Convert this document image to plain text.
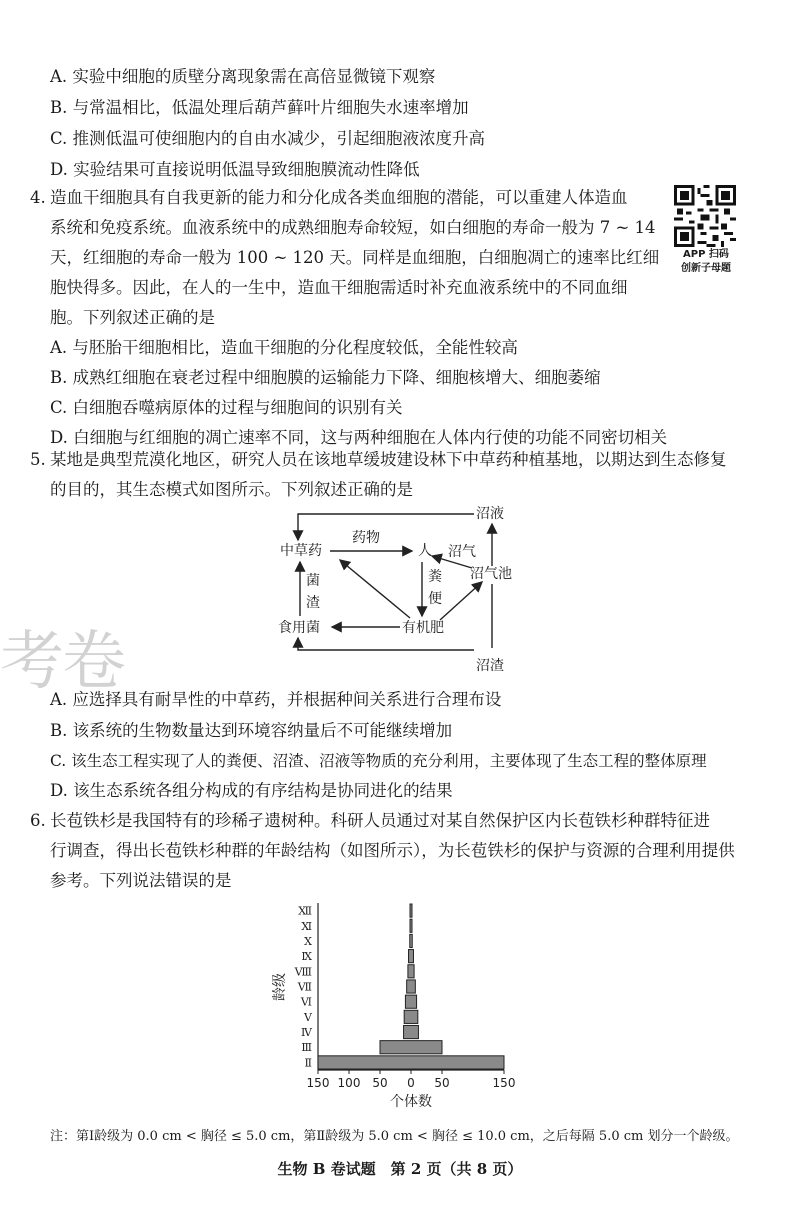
A. 实验中细胞的质壁分离现象需在高倍显微镜下观察
B. 与常温相比，低温处理后葫芦藓叶片细胞失水速率增加
C. 推测低温可使细胞内的自由水减少，引起细胞液浓度升高
D. 实验结果可直接说明低温导致细胞膜流动性降低
4. 造血干细胞具有自我更新的能力和分化成各类血细胞的潜能，可以重建人体造血
系统和免疫系统。血液系统中的成熟细胞寿命较短，如白细胞的寿命一般为 7 ~ 14
天，红细胞的寿命一般为 100 ~ 120 天。同样是血细胞，白细胞凋亡的速率比红细
胞快得多。因此，在人的一生中，造血干细胞需适时补充血液系统中的不同血细
胞。下列叙述正确的是
A. 与胚胎干细胞相比，造血干细胞的分化程度较低，全能性较高
B. 成熟红细胞在衰老过程中细胞膜的运输能力下降、细胞核增大、细胞萎缩
C. 白细胞吞噬病原体的过程与细胞间的识别有关
D. 白细胞与红细胞的凋亡速率不同，这与两种细胞在人体内行使的功能不同密切相关
APP 扫码
创新子母题
5. 某地是典型荒漠化地区，研究人员在该地草缓坡建设林下中草药种植基地，以期达到生态修复
的目的，其生态模式如图所示。下列叙述正确的是
沼液
中草药
药物
人 沼气
沼气池
菌渣
粪便
食用菌	有机肥
沼渣
考卷
A. 应选择具有耐旱性的中草药，并根据种间关系进行合理布设
B. 该系统的生物数量达到环境容纳量后不可能继续增加
C. 该生态工程实现了人的粪便、沼渣、沼液等物质的充分利用，主要体现了生态工程的整体原理
D. 该生态系统各组分构成的有序结构是协同进化的结果
6. 长苞铁杉是我国特有的珍稀孑遗树种。科研人员通过对某自然保护区内长苞铁杉种群特征进
行调查，得出长苞铁杉种群的年龄结构（如图所示），为长苞铁杉的保护与资源的合理利用提供
参考。下列说法错误的是
Ⅱ
Ⅲ
Ⅳ
Ⅴ
Ⅵ
Ⅶ
Ⅷ
Ⅸ
Ⅹ
Ⅺ
Ⅻ
150 100 50 0 50	150
个体数
龄级
注：第Ⅰ龄级为 0.0 cm < 胸径 ≤ 5.0 cm，第Ⅱ龄级为 5.0 cm < 胸径 ≤ 10.0 cm，之后每隔 5.0 cm 划分一个龄级。
生物 B 卷试题　第 2 页（共 8 页）
